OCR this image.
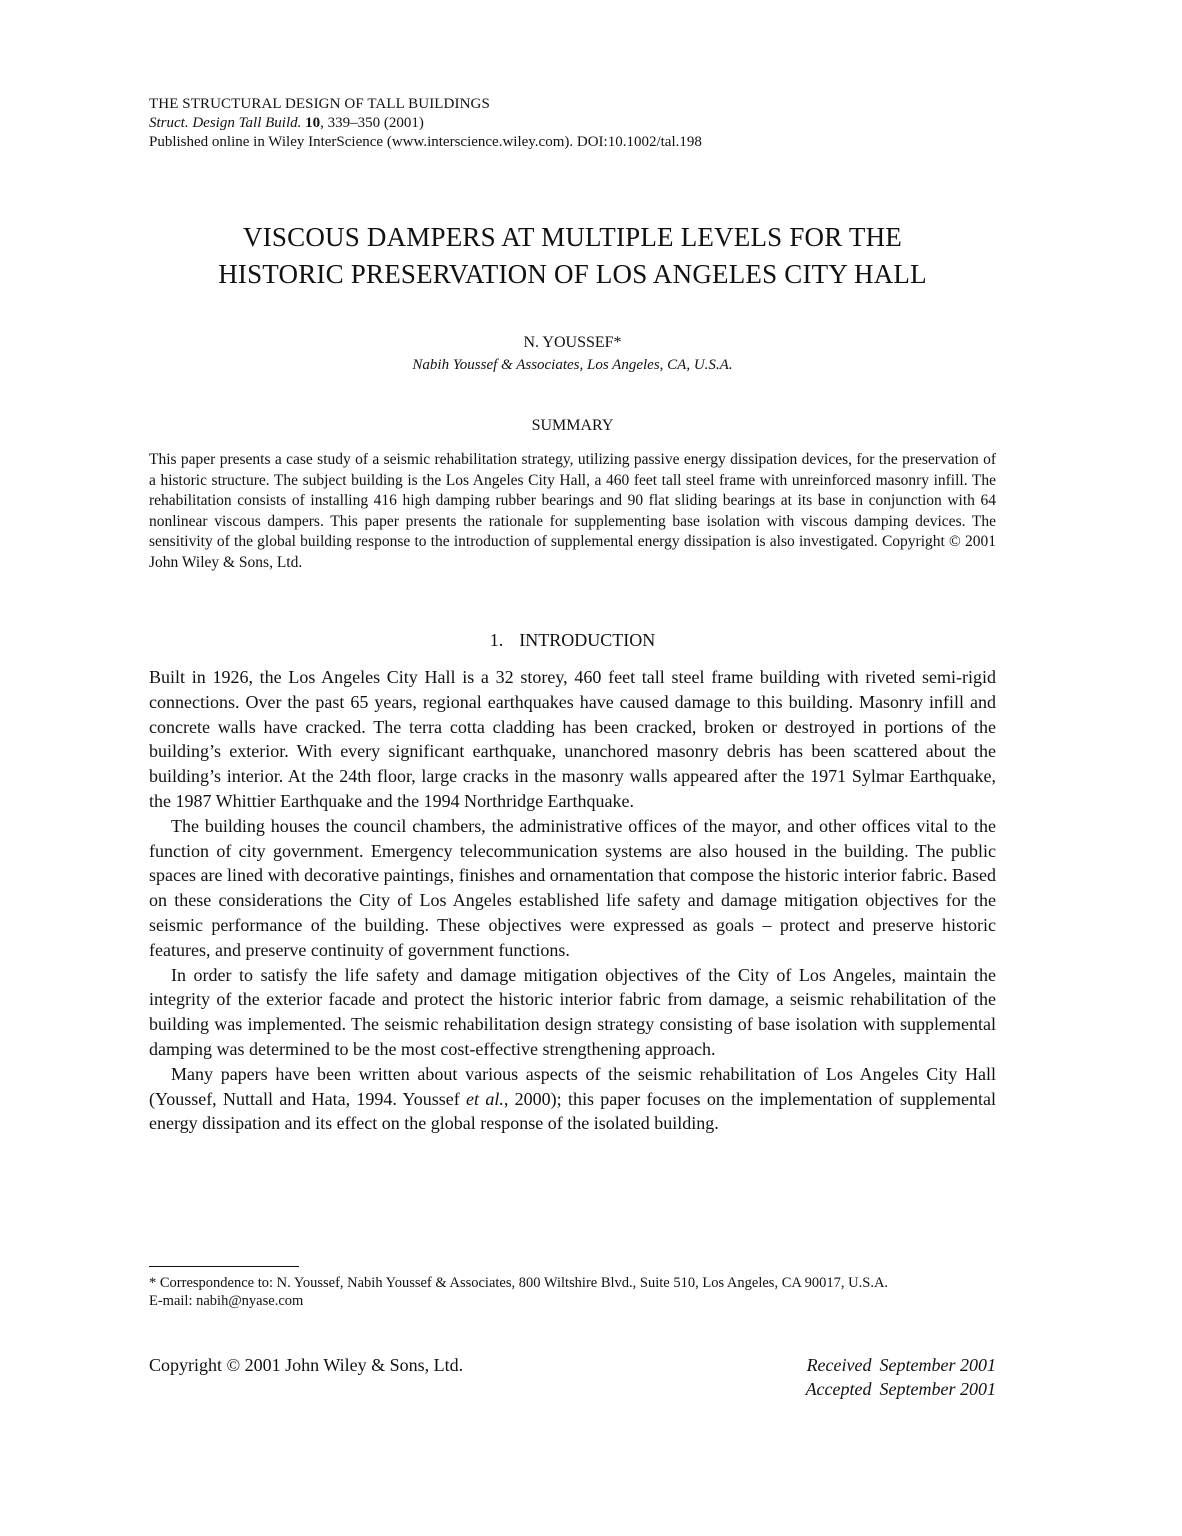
THE STRUCTURAL DESIGN OF TALL BUILDINGS
Struct. Design Tall Build. 10, 339–350 (2001)
Published online in Wiley InterScience (www.interscience.wiley.com). DOI:10.1002/tal.198
VISCOUS DAMPERS AT MULTIPLE LEVELS FOR THE
HISTORIC PRESERVATION OF LOS ANGELES CITY HALL
N. YOUSSEF*
Nabih Youssef & Associates, Los Angeles, CA, U.S.A.
SUMMARY

This paper presents a case study of a seismic rehabilitation strategy, utilizing passive energy dissipation devices, for the preservation of a historic structure. The subject building is the Los Angeles City Hall, a 460 feet tall steel frame with unreinforced masonry infill. The rehabilitation consists of installing 416 high damping rubber bearings and 90 flat sliding bearings at its base in conjunction with 64 nonlinear viscous dampers. This paper presents the rationale for supplementing base isolation with viscous damping devices. The sensitivity of the global building response to the introduction of supplemental energy dissipation is also investigated. Copyright © 2001 John Wiley & Sons, Ltd.

1. INTRODUCTION

Built in 1926, the Los Angeles City Hall is a 32 storey, 460 feet tall steel frame building with riveted semi-rigid connections. Over the past 65 years, regional earthquakes have caused damage to this building. Masonry infill and concrete walls have cracked. The terra cotta cladding has been cracked, broken or destroyed in portions of the building’s exterior. With every significant earthquake, unanchored masonry debris has been scattered about the building’s interior. At the 24th floor, large cracks in the masonry walls appeared after the 1971 Sylmar Earthquake, the 1987 Whittier Earthquake and the 1994 Northridge Earthquake.

The building houses the council chambers, the administrative offices of the mayor, and other offices vital to the function of city government. Emergency telecommunication systems are also housed in the building. The public spaces are lined with decorative paintings, finishes and ornamentation that compose the historic interior fabric. Based on these considerations the City of Los Angeles established life safety and damage mitigation objectives for the seismic performance of the building. These objectives were expressed as goals – protect and preserve historic features, and preserve continuity of government functions.

In order to satisfy the life safety and damage mitigation objectives of the City of Los Angeles, maintain the integrity of the exterior facade and protect the historic interior fabric from damage, a seismic rehabilitation of the building was implemented. The seismic rehabilitation design strategy consisting of base isolation with supplemental damping was determined to be the most cost-effective strengthening approach.

Many papers have been written about various aspects of the seismic rehabilitation of Los Angeles City Hall (Youssef, Nuttall and Hata, 1994. Youssef et al., 2000); this paper focuses on the implementation of supplemental energy dissipation and its effect on the global response of the isolated building.

* Correspondence to: N. Youssef, Nabih Youssef & Associates, 800 Wiltshire Blvd., Suite 510, Los Angeles, CA 90017, U.S.A.
E-mail: nabih@nyase.com
Copyright © 2001 John Wiley & Sons, Ltd.	Received September 2001
Accepted September 2001
